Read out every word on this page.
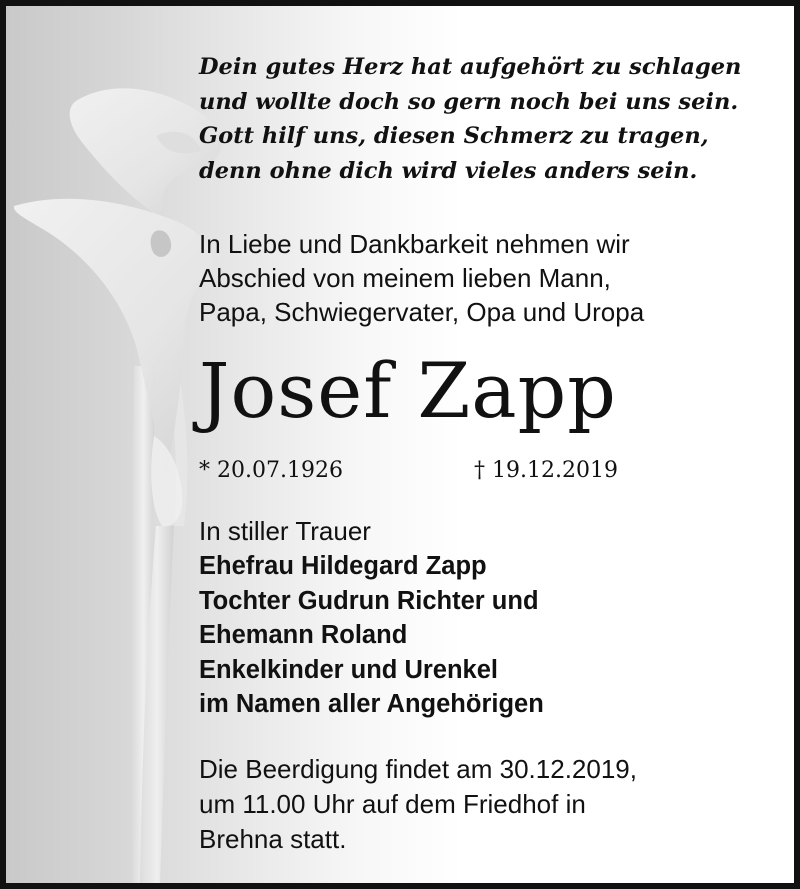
Dein gutes Herz hat aufgehört zu schlagen
und wollte doch so gern noch bei uns sein.
Gott hilf uns, diesen Schmerz zu tragen,
denn ohne dich wird vieles anders sein.
In Liebe und Dankbarkeit nehmen wir
Abschied von meinem lieben Mann,
Papa, Schwiegervater, Opa und Uropa
Josef Zapp
* 20.07.1926	† 19.12.2019
In stiller Trauer
Ehefrau Hildegard Zapp
Tochter Gudrun Richter und
Ehemann Roland
Enkelkinder und Urenkel
im Namen aller Angehörigen
Die Beerdigung findet am 30.12.2019,
um 11.00 Uhr auf dem Friedhof in
Brehna statt.
